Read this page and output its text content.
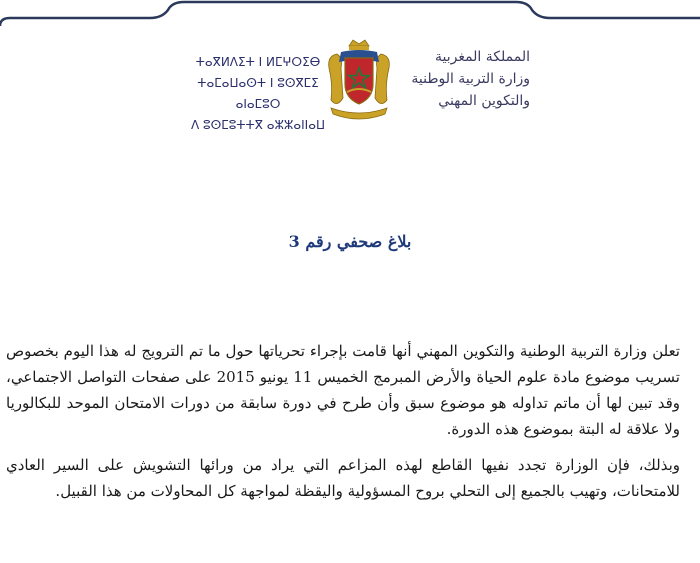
ⵜⴰⴳⵍⴷⵉⵜ ⵏ ⵍⵎⵖⵔⵉⴱ
ⵜⴰⵎⴰⵡⴰⵙⵜ ⵏ ⵓⵙⴳⵎⵉ ⴰⵏⴰⵎⵓⵔ
ⴷ ⵓⵙⵎⵓⵜⵜⴳ ⴰⵣⵣⴰⵏⵏⴰⵡ
المملكة المغربية
وزارة التربية الوطنية
والتكوين المهني
بلاغ صحفي رقم 3
تعلن وزارة التربية الوطنية والتكوين المهني أنها قامت بإجراء تحرياتها حول ما تم الترويج له هذا اليوم بخصوص تسريب موضوع مادة علوم الحياة والأرض المبرمج الخميس 11 يونيو 2015 على صفحات التواصل الاجتماعي، وقد تبين لها أن ماتم تداوله هو موضوع سبق وأن طرح في دورة سابقة من دورات الامتحان الموحد للبكالوريا ولا علاقة له البتة بموضوع هذه الدورة.
وبذلك، فإن الوزارة تجدد نفيها القاطع لهذه المزاعم التي يراد من ورائها التشويش على السير العادي للامتحانات، وتهيب بالجميع إلى التحلي بروح المسؤولية واليقظة لمواجهة كل المحاولات من هذا القبيل.
